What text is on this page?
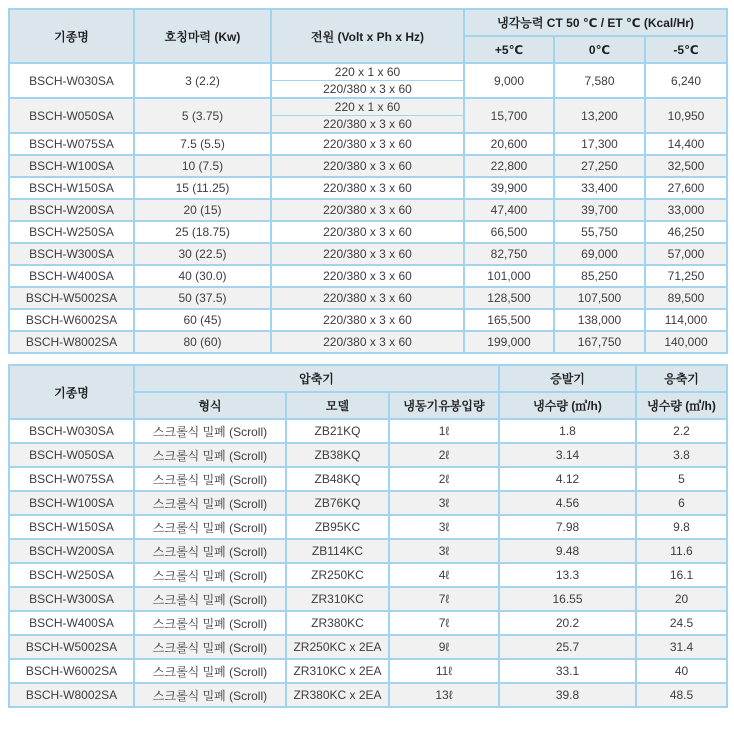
기종명	호칭마력 (Kw)	전원 (Volt x Ph x Hz)	냉각능력 CT 50 ℃ / ET ℃ (Kcal/Hr)		
			+5℃	0℃	-5℃
BSCH-W030SA	3 (2.2)	220 x 1 x 60	9,000	7,580	6,240
		220/380 x 3 x 60			
BSCH-W050SA	5 (3.75)	220 x 1 x 60	15,700	13,200	10,950
		220/380 x 3 x 60			
BSCH-W075SA	7.5 (5.5)	220/380 x 3 x 60	20,600	17,300	14,400
BSCH-W100SA	10 (7.5)	220/380 x 3 x 60	22,800	27,250	32,500
BSCH-W150SA	15 (11.25)	220/380 x 3 x 60	39,900	33,400	27,600
BSCH-W200SA	20 (15)	220/380 x 3 x 60	47,400	39,700	33,000
BSCH-W250SA	25 (18.75)	220/380 x 3 x 60	66,500	55,750	46,250
BSCH-W300SA	30 (22.5)	220/380 x 3 x 60	82,750	69,000	57,000
BSCH-W400SA	40 (30.0)	220/380 x 3 x 60	101,000	85,250	71,250
BSCH-W5002SA	50 (37.5)	220/380 x 3 x 60	128,500	107,500	89,500
BSCH-W6002SA	60 (45)	220/380 x 3 x 60	165,500	138,000	114,000
BSCH-W8002SA	80 (60)	220/380 x 3 x 60	199,000	167,750	140,000
기종명	압축기			증발기	응축기
	형식	모델	냉동기유봉입량	냉수량 (㎥/h)	냉수량 (㎥/h)
BSCH-W030SA	스크롤식 밀폐 (Scroll)	ZB21KQ	1ℓ	1.8	2.2
BSCH-W050SA	스크롤식 밀폐 (Scroll)	ZB38KQ	2ℓ	3.14	3.8
BSCH-W075SA	스크롤식 밀폐 (Scroll)	ZB48KQ	2ℓ	4.12	5
BSCH-W100SA	스크롤식 밀폐 (Scroll)	ZB76KQ	3ℓ	4.56	6
BSCH-W150SA	스크롤식 밀폐 (Scroll)	ZB95KC	3ℓ	7.98	9.8
BSCH-W200SA	스크롤식 밀폐 (Scroll)	ZB114KC	3ℓ	9.48	11.6
BSCH-W250SA	스크롤식 밀폐 (Scroll)	ZR250KC	4ℓ	13.3	16.1
BSCH-W300SA	스크롤식 밀폐 (Scroll)	ZR310KC	7ℓ	16.55	20
BSCH-W400SA	스크롤식 밀폐 (Scroll)	ZR380KC	7ℓ	20.2	24.5
BSCH-W5002SA	스크롤식 밀폐 (Scroll)	ZR250KC x 2EA	9ℓ	25.7	31.4
BSCH-W6002SA	스크롤식 밀폐 (Scroll)	ZR310KC x 2EA	11ℓ	33.1	40
BSCH-W8002SA	스크롤식 밀폐 (Scroll)	ZR380KC x 2EA	13ℓ	39.8	48.5
